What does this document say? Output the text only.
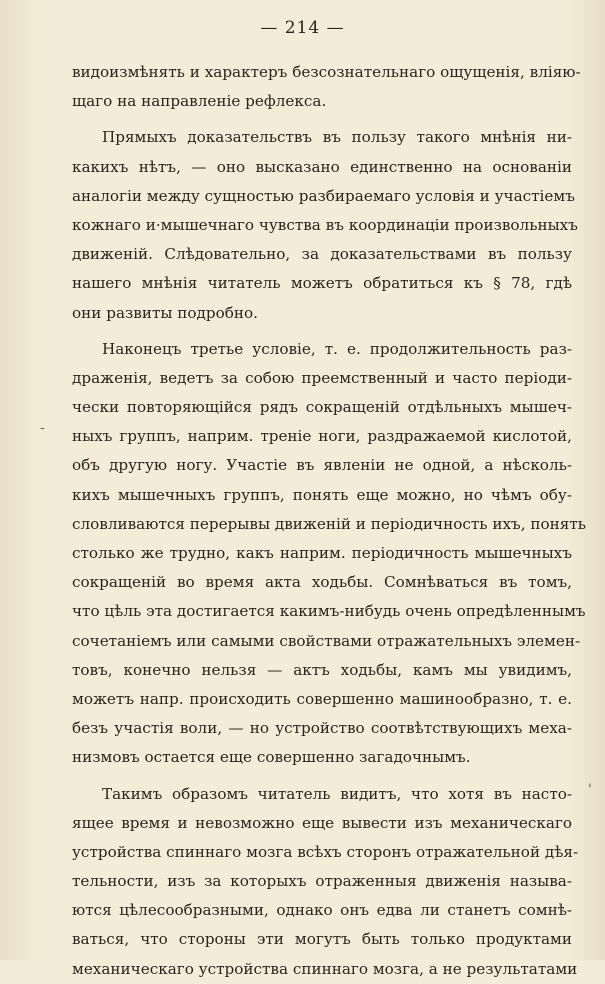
— 214 —
видоизмѣнять и характеръ безсознательнаго ощущенія, вліяю-
щаго на направленіе рефлекса.
Прямыхъ доказательствъ въ пользу такого мнѣнія ни-
какихъ нѣтъ, — оно высказано единственно на основаніи
аналогіи между сущностью разбираемаго условія и участіемъ
кожнаго и·мышечнаго чувства въ координаціи произвольныхъ
движеній. Слѣдовательно, за доказательствами въ пользу
нашего мнѣнія читатель можетъ обратиться къ § 78, гдѣ
они развиты подробно.
Наконецъ третье условіе, т. е. продолжительность раз-
драженія, ведетъ за собою преемственный и часто періоди-
чески повторяющійся рядъ сокращеній отдѣльныхъ мышеч-
ныхъ группъ, наприм. треніе ноги, раздражаемой кислотой,
объ другую ногу. Участіе въ явленіи не одной, а нѣсколь-
кихъ мышечныхъ группъ, понять еще можно, но чѣмъ обу-
словливаются перерывы движеній и періодичность ихъ, понять
столько же трудно, какъ наприм. періодичность мышечныхъ
сокращеній во время акта ходьбы. Сомнѣваться въ томъ,
что цѣль эта достигается какимъ-нибудь очень опредѣленнымъ
сочетаніемъ или самыми свойствами отражательныхъ элемен-
товъ, конечно нельзя — актъ ходьбы, камъ мы увидимъ,
можетъ напр. происходить совершенно машинообразно, т. е.
безъ участія воли, — но устройство соотвѣтствующихъ меха-
низмовъ остается еще совершенно загадочнымъ.
Такимъ образомъ читатель видитъ, что хотя въ насто-
ящее время и невозможно еще вывести изъ механическаго
устройства спиннаго мозга всѣхъ сторонъ отражательной дѣя-
тельности, изъ за которыхъ отраженныя движенія называ-
ются цѣлесообразными, однако онъ едва ли станетъ сомнѣ-
ваться, что стороны эти могутъ быть только продуктами
механическаго устройства спиннаго мозга, а не результатами
-
'
